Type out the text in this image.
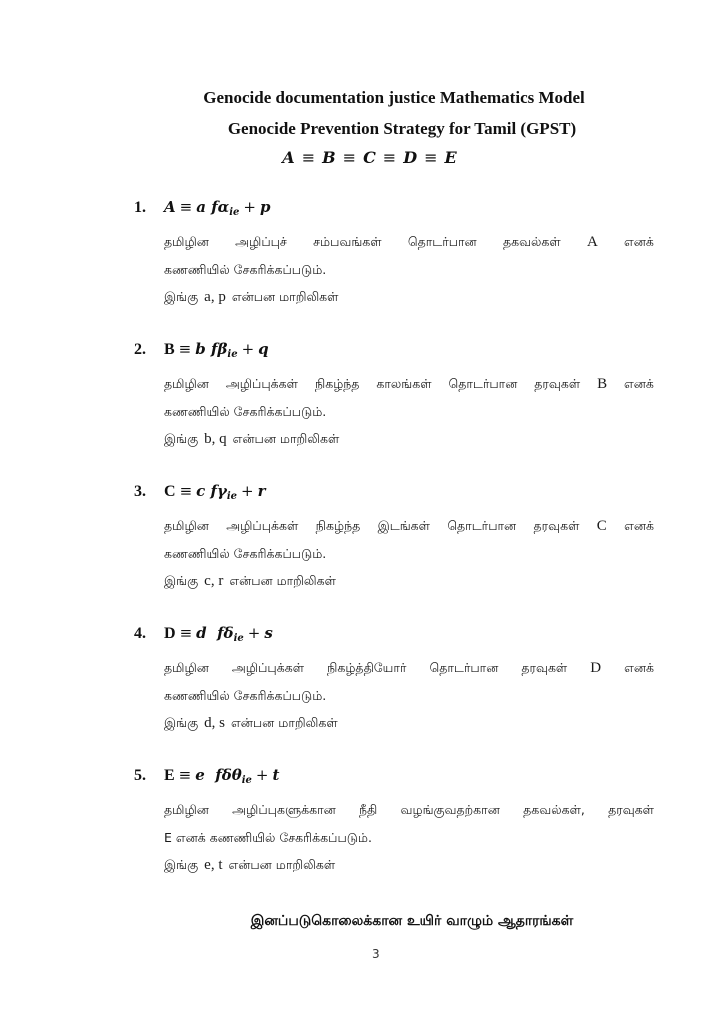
Genocide documentation justice Mathematics Model
Genocide Prevention Strategy for Tamil (GPST)
A ≡ B ≡ C ≡ D ≡ E
1. A ≡ a $f\alpha_{ie} + p$
தமிழின அழிப்புச் சம்பவங்கள் தொடர்பான தகவல்கள் A எனக்
கணணியில் சேகரிக்கப்படும்.
இங்கு a, p என்பன மாறிலிகள்
2. B ≡ b $f\beta_{ie} + q$
தமிழின அழிப்புக்கள் நிகழ்ந்த காலங்கள் தொடர்பான தரவுகள் B எனக்
கணணியில் சேகரிக்கப்படும்.
இங்கு b, q என்பன மாறிலிகள்
3. C ≡ c $f\gamma_{ie} + r$
தமிழின அழிப்புக்கள் நிகழ்ந்த இடங்கள் தொடர்பான தரவுகள் C எனக்
கணணியில் சேகரிக்கப்படும்.
இங்கு c, r என்பன மாறிலிகள்
4. D ≡ d $f\delta_{ie} + s$
தமிழின அழிப்புக்கள் நிகழ்த்தியோர் தொடர்பான தரவுகள் D எனக்
கணணியில் சேகரிக்கப்படும்.
இங்கு d, s என்பன மாறிலிகள்
5. E ≡ e fδθ$_{ie}$ + t
தமிழின அழிப்புகளுக்கான நீதி வழங்குவதற்கான தகவல்கள், தரவுகள்
E எனக் கணணியில் சேகரிக்கப்படும்.
இங்கு e, t என்பன மாறிலிகள்
இனப்படுகொலைக்கான உயிர் வாழும் ஆதாரங்கள்
3
